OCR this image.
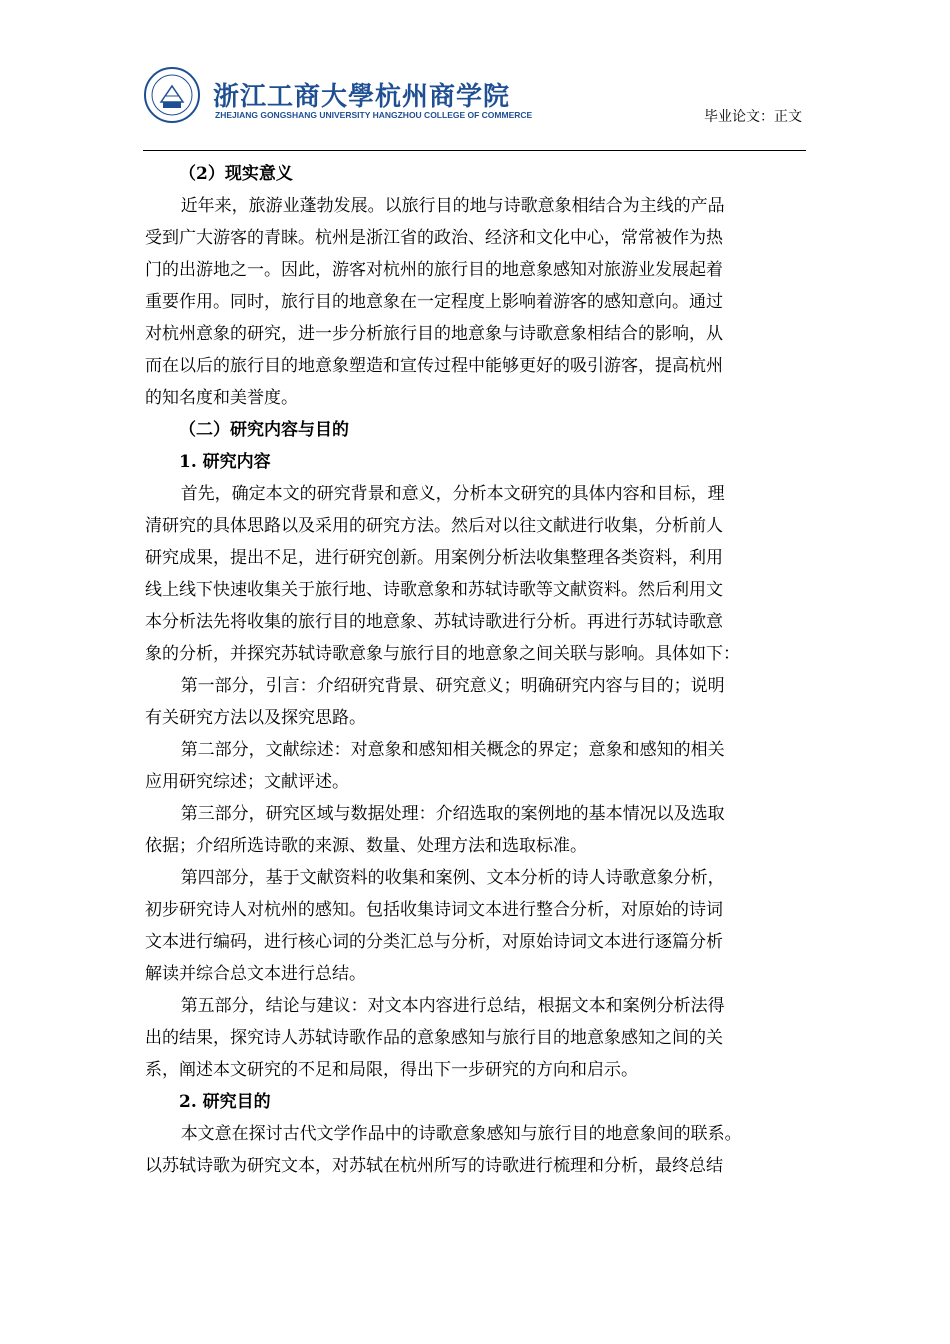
浙江工商大學杭州商学院
ZHEJIANG GONGSHANG UNIVERSITY HANGZHOU COLLEGE OF COMMERCE	毕业论文：正文

（2）现实意义

近年来，旅游业蓬勃发展。以旅行目的地与诗歌意象相结合为主线的产品
受到广大游客的青睐。杭州是浙江省的政治、经济和文化中心，常常被作为热
门的出游地之一。因此，游客对杭州的旅行目的地意象感知对旅游业发展起着
重要作用。同时，旅行目的地意象在一定程度上影响着游客的感知意向。通过
对杭州意象的研究，进一步分析旅行目的地意象与诗歌意象相结合的影响，从
而在以后的旅行目的地意象塑造和宣传过程中能够更好的吸引游客，提高杭州
的知名度和美誉度。

（二）研究内容与目的

1. 研究内容

首先，确定本文的研究背景和意义，分析本文研究的具体内容和目标，理
清研究的具体思路以及采用的研究方法。然后对以往文献进行收集，分析前人
研究成果，提出不足，进行研究创新。用案例分析法收集整理各类资料，利用
线上线下快速收集关于旅行地、诗歌意象和苏轼诗歌等文献资料。然后利用文
本分析法先将收集的旅行目的地意象、苏轼诗歌进行分析。再进行苏轼诗歌意
象的分析，并探究苏轼诗歌意象与旅行目的地意象之间关联与影响。具体如下：

第一部分，引言：介绍研究背景、研究意义；明确研究内容与目的；说明
有关研究方法以及探究思路。

第二部分，文献综述：对意象和感知相关概念的界定；意象和感知的相关
应用研究综述；文献评述。

第三部分，研究区域与数据处理：介绍选取的案例地的基本情况以及选取
依据；介绍所选诗歌的来源、数量、处理方法和选取标准。

第四部分，基于文献资料的收集和案例、文本分析的诗人诗歌意象分析，
初步研究诗人对杭州的感知。包括收集诗词文本进行整合分析，对原始的诗词
文本进行编码，进行核心词的分类汇总与分析，对原始诗词文本进行逐篇分析
解读并综合总文本进行总结。

第五部分，结论与建议：对文本内容进行总结，根据文本和案例分析法得
出的结果，探究诗人苏轼诗歌作品的意象感知与旅行目的地意象感知之间的关
系，阐述本文研究的不足和局限，得出下一步研究的方向和启示。

2. 研究目的

本文意在探讨古代文学作品中的诗歌意象感知与旅行目的地意象间的联系。
以苏轼诗歌为研究文本，对苏轼在杭州所写的诗歌进行梳理和分析，最终总结
